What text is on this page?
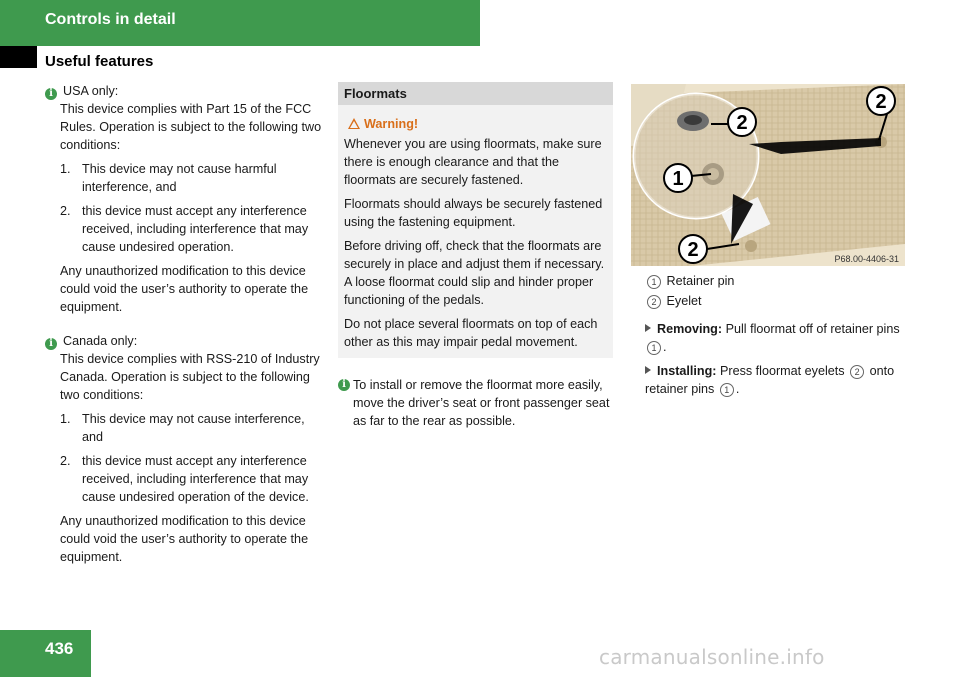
Controls in detail
Useful features
i USA only:

This device complies with Part 15 of the FCC Rules. Operation is subject to the following two conditions:

1. This device may not cause harmful interference, and
2. this device must accept any interference received, including interference that may cause undesired operation.

Any unauthorized modification to this device could void the user’s authority to operate the equipment.

i Canada only:

This device complies with RSS-210 of Industry Canada. Operation is subject to the following two conditions:

1. This device may not cause interference, and
2. this device must accept any interference received, including interference that may cause undesired operation of the device.

Any unauthorized modification to this device could void the user’s authority to operate the equipment.

Floormats
Warning!

Whenever you are using floormats, make sure there is enough clearance and that the floormats are securely fastened.

Floormats should always be securely fastened using the fastening equipment.

Before driving off, check that the floormats are securely in place and adjust them if necessary. A loose floormat could slip and hinder proper functioning of the pedals.

Do not place several floormats on top of each other as this may impair pedal movement.

i To install or remove the floormat more easily, move the driver’s seat or front passenger seat as far to the rear as possible.
2
2
1
2	P68.00-4406-31
1 Retainer pin
2 Eyelet
Removing: Pull floormat off of retainer pins 1 .
Installing: Press floormat eyelets 2 onto retainer pins 1 .
436	carmanualsonline.info
